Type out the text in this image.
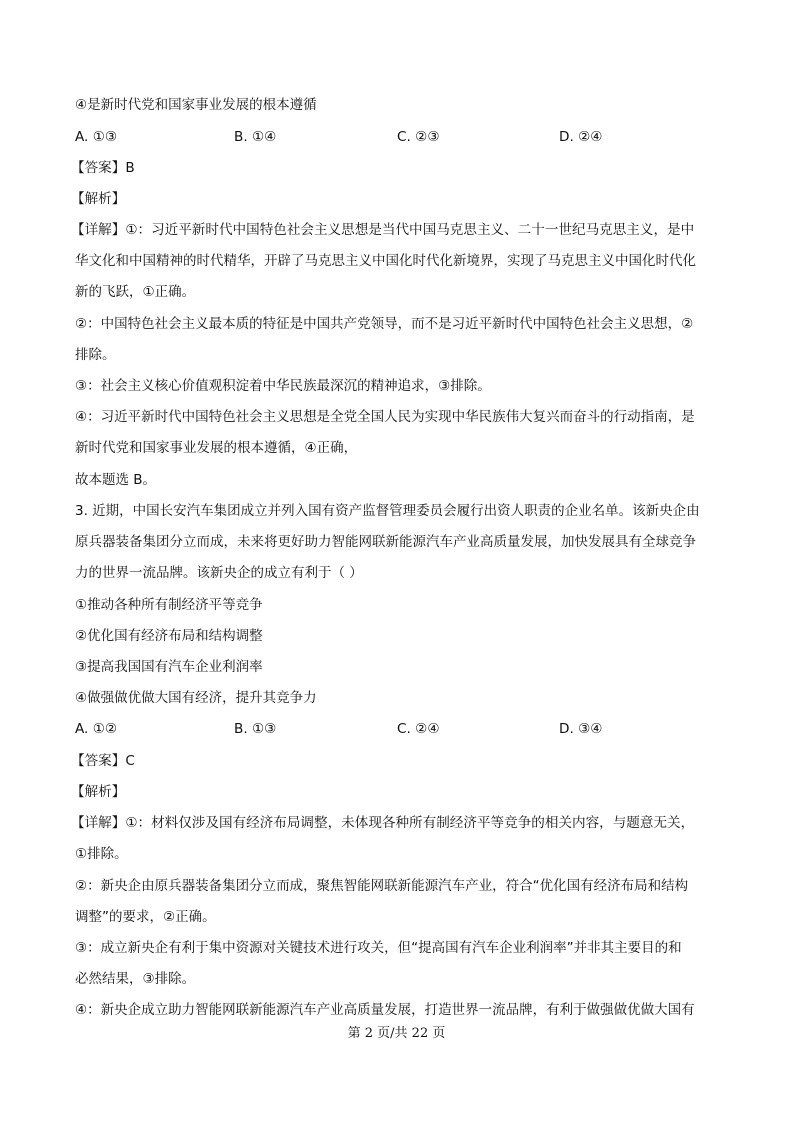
④是新时代党和国家事业发展的根本遵循
A. ①③	B. ①④	C. ②③	D. ②④
【答案】B
【解析】
【详解】①：习近平新时代中国特色社会主义思想是当代中国马克思主义、二十一世纪马克思主义，是中
华文化和中国精神的时代精华，开辟了马克思主义中国化时代化新境界，实现了马克思主义中国化时代化
新的飞跃，①正确。
②：中国特色社会主义最本质的特征是中国共产党领导，而不是习近平新时代中国特色社会主义思想，②
排除。
③：社会主义核心价值观积淀着中华民族最深沉的精神追求，③排除。
④：习近平新时代中国特色社会主义思想是全党全国人民为实现中华民族伟大复兴而奋斗的行动指南，是
新时代党和国家事业发展的根本遵循，④正确，
故本题选 B。
3. 近期，中国长安汽车集团成立并列入国有资产监督管理委员会履行出资人职责的企业名单。该新央企由
原兵器装备集团分立而成，未来将更好助力智能网联新能源汽车产业高质量发展，加快发展具有全球竞争
力的世界一流品牌。该新央企的成立有利于（ ）
①推动各种所有制经济平等竞争
②优化国有经济布局和结构调整
③提高我国国有汽车企业利润率
④做强做优做大国有经济，提升其竞争力
A. ①②	B. ①③	C. ②④	D. ③④
【答案】C
【解析】
【详解】①：材料仅涉及国有经济布局调整，未体现各种所有制经济平等竞争的相关内容，与题意无关，
①排除。
②：新央企由原兵器装备集团分立而成，聚焦智能网联新能源汽车产业，符合“优化国有经济布局和结构
调整”的要求，②正确。
③：成立新央企有利于集中资源对关键技术进行攻关，但“提高国有汽车企业利润率”并非其主要目的和
必然结果，③排除。
④：新央企成立助力智能网联新能源汽车产业高质量发展，打造世界一流品牌，有利于做强做优做大国有
第 2 页/共 22 页
